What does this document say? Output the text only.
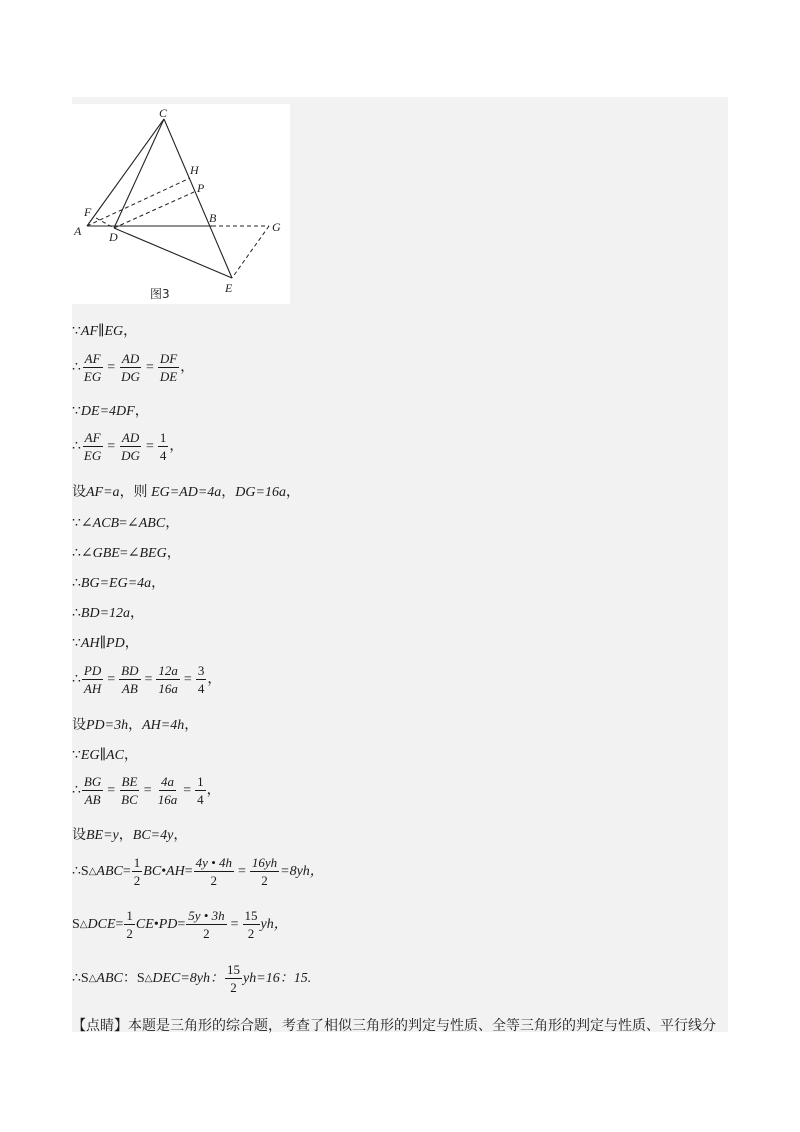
C
H
P
F
A D
B
G
E
图3
∵AF∥EG，
∴ $\frac{AF}{EG} = \frac{AD}{DG} = \frac{DF}{DE}$ ，
∵DE=4DF，
∴ $\frac{AF}{EG} = \frac{AD}{DG} = \frac{1}{4}$ ，
设AF=a，则 EG=AD=4a，DG=16a，
∵∠ACB=∠ABC，
∴∠GBE=∠BEG，
∴BG=EG=4a，
∴BD=12a，
∵AH∥PD，
∴ $\frac{PD}{AH} = \frac{BD}{AB} = \frac{12a}{16a} = \frac{3}{4}$ ，
设PD=3h，AH=4h，
∵EG∥AC，
∴ $\frac{BG}{AB} = \frac{BE}{BC} = \frac{4a}{16a} = \frac{1}{4}$ ，
设BE=y，BC=4y，
∴S △ ABC = $\frac{1}{2}$ BC•AH = $\frac{4y • 4h}{2} = \frac{16yh}{2} =8yh$，
S △ DCE = $\frac{1}{2}$ CE•PD = $\frac{5y • 3h}{2} = \frac{15}{2}$ yh，
∴S △ ABC ：S △ DEC =8yh： $\frac{15}{2} yh=16$：15.
【点睛】本题是三角形的综合题，考查了相似三角形的判定与性质、全等三角形的判定与性质、平行线分
